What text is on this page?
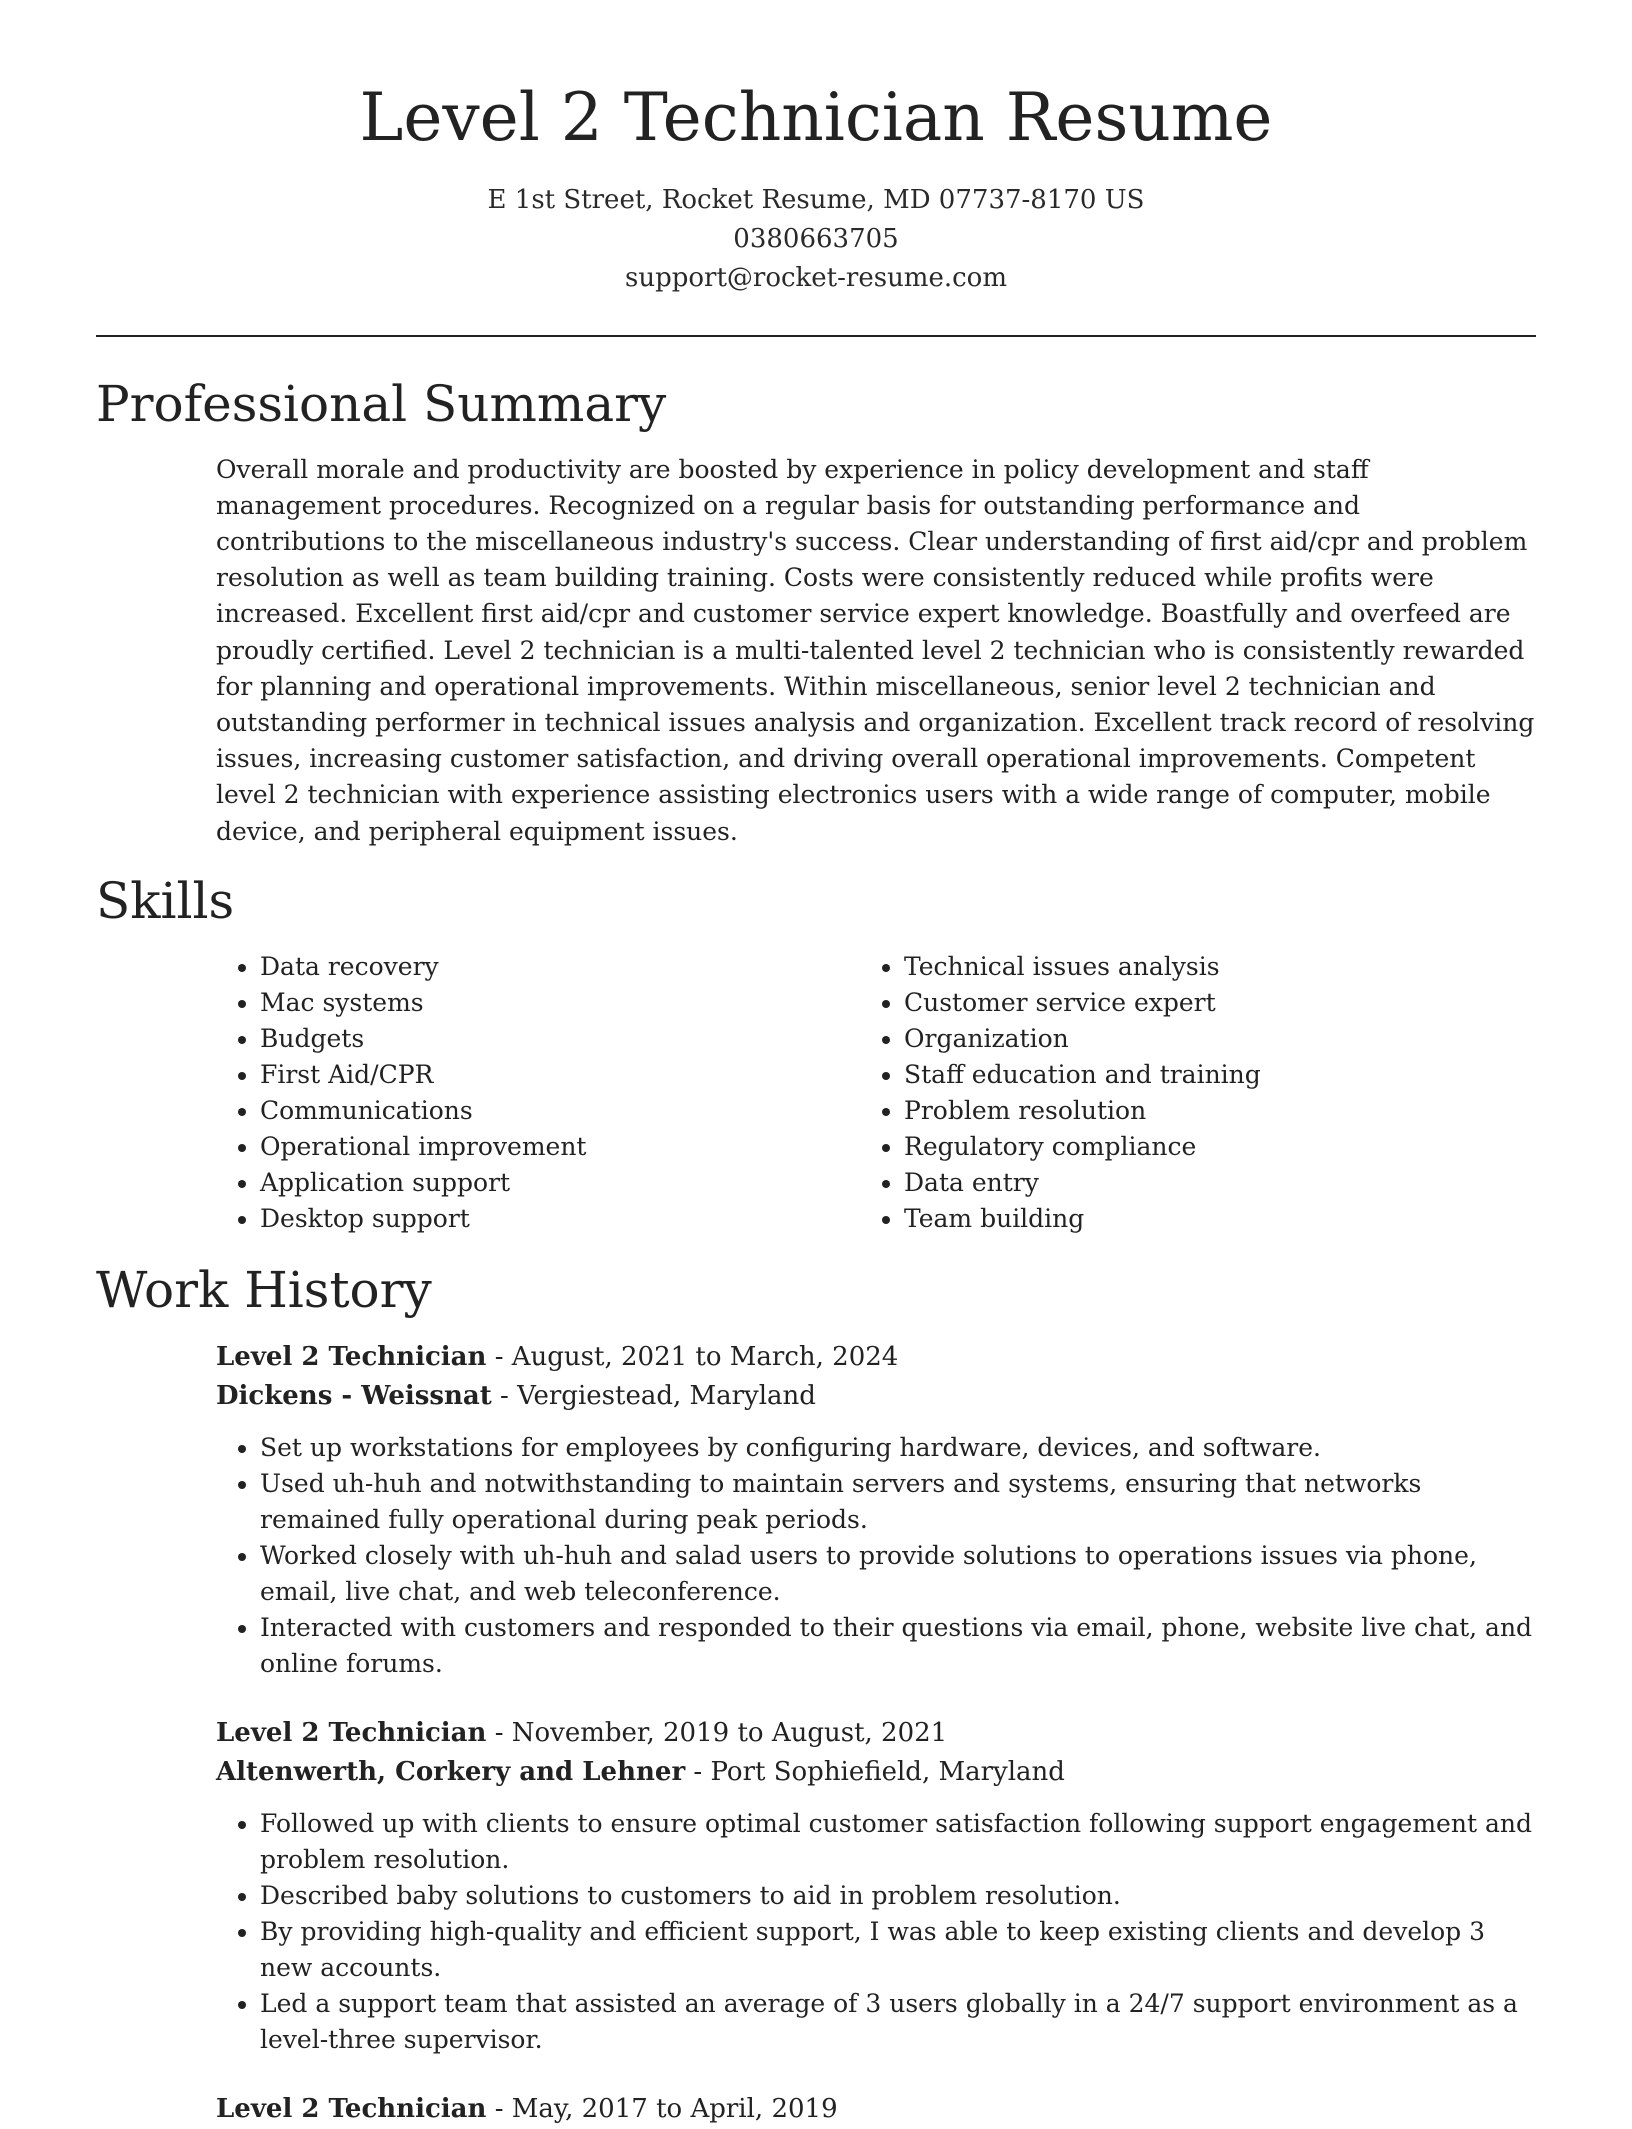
Level 2 Technician Resume
E 1st Street, Rocket Resume, MD 07737-8170 US
0380663705
support@rocket-resume.com
Professional Summary

Overall morale and productivity are boosted by experience in policy development and staff management procedures. Recognized on a regular basis for outstanding performance and contributions to the miscellaneous industry's success. Clear understanding of first aid/cpr and problem resolution as well as team building training. Costs were consistently reduced while profits were increased. Excellent first aid/cpr and customer service expert knowledge. Boastfully and overfeed are proudly certified. Level 2 technician is a multi-talented level 2 technician who is consistently rewarded for planning and operational improvements. Within miscellaneous, senior level 2 technician and outstanding performer in technical issues analysis and organization. Excellent track record of resolving issues, increasing customer satisfaction, and driving overall operational improvements. Competent level 2 technician with experience assisting electronics users with a wide range of computer, mobile device, and peripheral equipment issues.

Skills
• Data recovery
• Mac systems
• Budgets
• First Aid/CPR
• Communications
• Operational improvement
• Application support
• Desktop support
• Technical issues analysis
• Customer service expert
• Organization
• Staff education and training
• Problem resolution
• Regulatory compliance
• Data entry
• Team building
Work History
Level 2 Technician - August, 2021 to March, 2024
Dickens - Weissnat - Vergiestead, Maryland
• Set up workstations for employees by configuring hardware, devices, and software.
• Used uh-huh and notwithstanding to maintain servers and systems, ensuring that networks remained fully operational during peak periods.
• Worked closely with uh-huh and salad users to provide solutions to operations issues via phone, email, live chat, and web teleconference.
• Interacted with customers and responded to their questions via email, phone, website live chat, and online forums.
Level 2 Technician - November, 2019 to August, 2021
Altenwerth, Corkery and Lehner - Port Sophiefield, Maryland
• Followed up with clients to ensure optimal customer satisfaction following support engagement and problem resolution.
• Described baby solutions to customers to aid in problem resolution.
• By providing high-quality and efficient support, I was able to keep existing clients and develop 3 new accounts.
• Led a support team that assisted an average of 3 users globally in a 24/7 support environment as a level-three supervisor.
Level 2 Technician - May, 2017 to April, 2019
